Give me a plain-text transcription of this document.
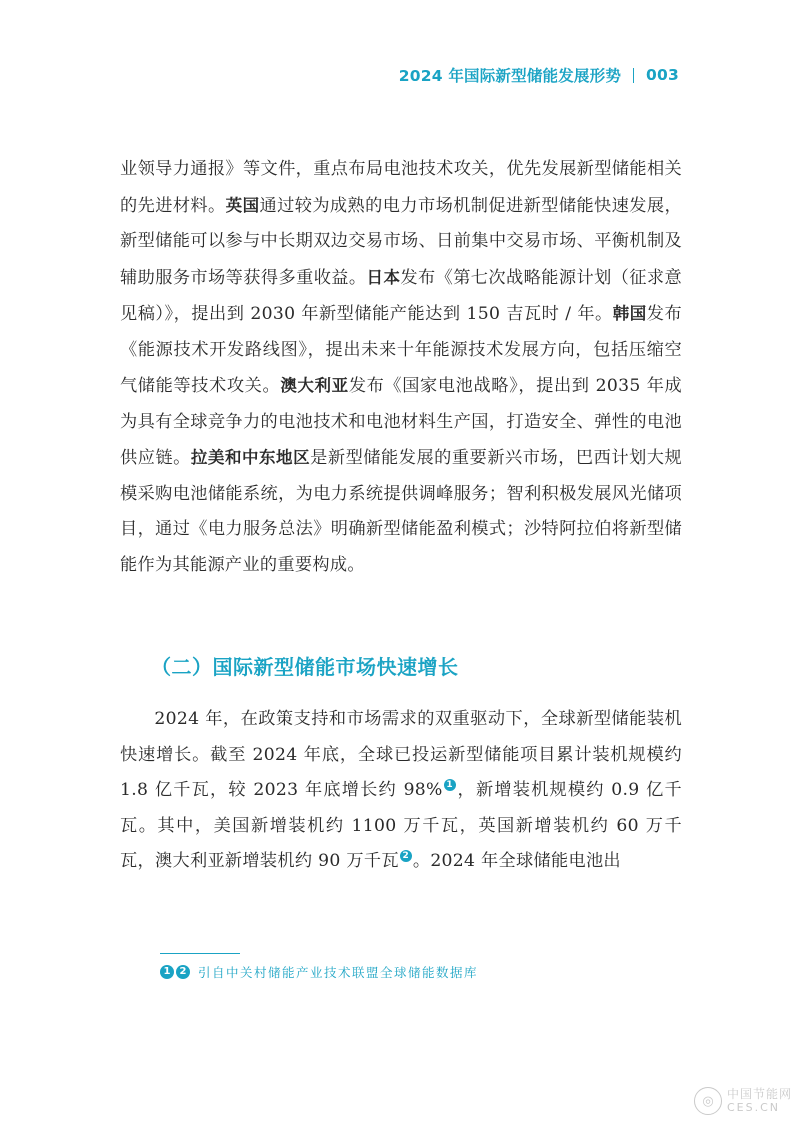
2024 年国际新型储能发展形势 003

业领导力通报》等文件，重点布局电池技术攻关，优先发展新型储能相关的先进材料。英国通过较为成熟的电力市场机制促进新型储能快速发展，新型储能可以参与中长期双边交易市场、日前集中交易市场、平衡机制及辅助服务市场等获得多重收益。日本发布《第七次战略能源计划（征求意见稿）》，提出到 2030 年新型储能产能达到 150 吉瓦时 / 年。韩国发布《能源技术开发路线图》，提出未来十年能源技术发展方向，包括压缩空气储能等技术攻关。澳大利亚发布《国家电池战略》，提出到 2035 年成为具有全球竞争力的电池技术和电池材料生产国，打造安全、弹性的电池供应链。拉美和中东地区是新型储能发展的重要新兴市场，巴西计划大规模采购电池储能系统，为电力系统提供调峰服务；智利积极发展风光储项目，通过《电力服务总法》明确新型储能盈利模式；沙特阿拉伯将新型储能作为其能源产业的重要构成。

（二）国际新型储能市场快速增长

2024 年，在政策支持和市场需求的双重驱动下，全球新型储能装机快速增长。截至 2024 年底，全球已投运新型储能项目累计装机规模约 1.8 亿千瓦，较 2023 年底增长约 98% 1 ，新增装机规模约 0.9 亿千瓦。其中，美国新增装机约 1100 万千瓦，英国新增装机约 60 万千瓦，澳大利亚新增装机约 90 万千瓦 2 。2024 年全球储能电池出

1 2 引自中关村储能产业技术联盟全球储能数据库
◎	中国节能网
CES.CN
